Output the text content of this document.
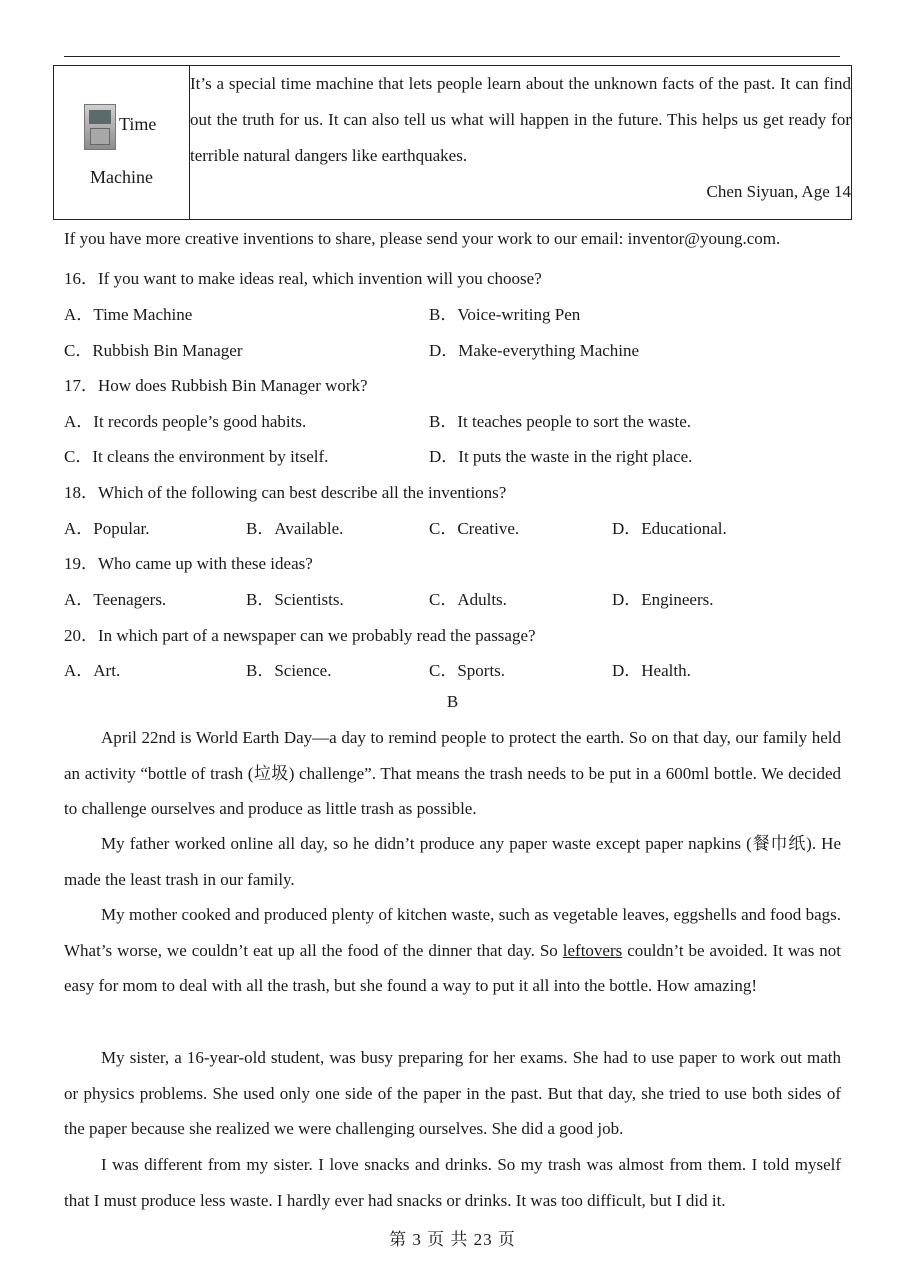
Time
Machine

It’s a special time machine that lets people learn about the unknown facts of the past. It can find out the truth for us. It can also tell us what will happen in the future. This helps us get ready for terrible natural dangers like earthquakes.
Chen Siyuan, Age 14
If you have more creative inventions to share, please send your work to our email: inventor@young.com.
16．If you want to make ideas real, which invention will you choose?
A．Time Machine	B．Voice-writing Pen
C．Rubbish Bin Manager	D．Make-everything Machine
17．How does Rubbish Bin Manager work?
A．It records people’s good habits.	B．It teaches people to sort the waste.
C．It cleans the environment by itself.	D．It puts the waste in the right place.
18．Which of the following can best describe all the inventions?
A．Popular.	B．Available.	C．Creative.	D．Educational.
19．Who came up with these ideas?
A．Teenagers.	B．Scientists.	C．Adults.	D．Engineers.
20．In which part of a newspaper can we probably read the passage?
A．Art.	B．Science.	C．Sports.	D．Health.
B
April 22nd is World Earth Day—a day to remind people to protect the earth. So on that day, our family held an activity “bottle of trash (垃圾) challenge”. That means the trash needs to be put in a 600ml bottle. We decided to challenge ourselves and produce as little trash as possible.
My father worked online all day, so he didn’t produce any paper waste except paper napkins (餐巾纸). He made the least trash in our family.
My mother cooked and produced plenty of kitchen waste, such as vegetable leaves, eggshells and food bags. What’s worse, we couldn’t eat up all the food of the dinner that day. So leftovers couldn’t be avoided. It was not easy for mom to deal with all the trash, but she found a way to put it all into the bottle. How amazing!
My sister, a 16-year-old student, was busy preparing for her exams. She had to use paper to work out math or physics problems. She used only one side of the paper in the past. But that day, she tried to use both sides of the paper because she realized we were challenging ourselves. She did a good job.
I was different from my sister. I love snacks and drinks. So my trash was almost from them. I told myself that I must produce less waste. I hardly ever had snacks or drinks. It was too difficult, but I did it.
第 3 页 共 23 页
